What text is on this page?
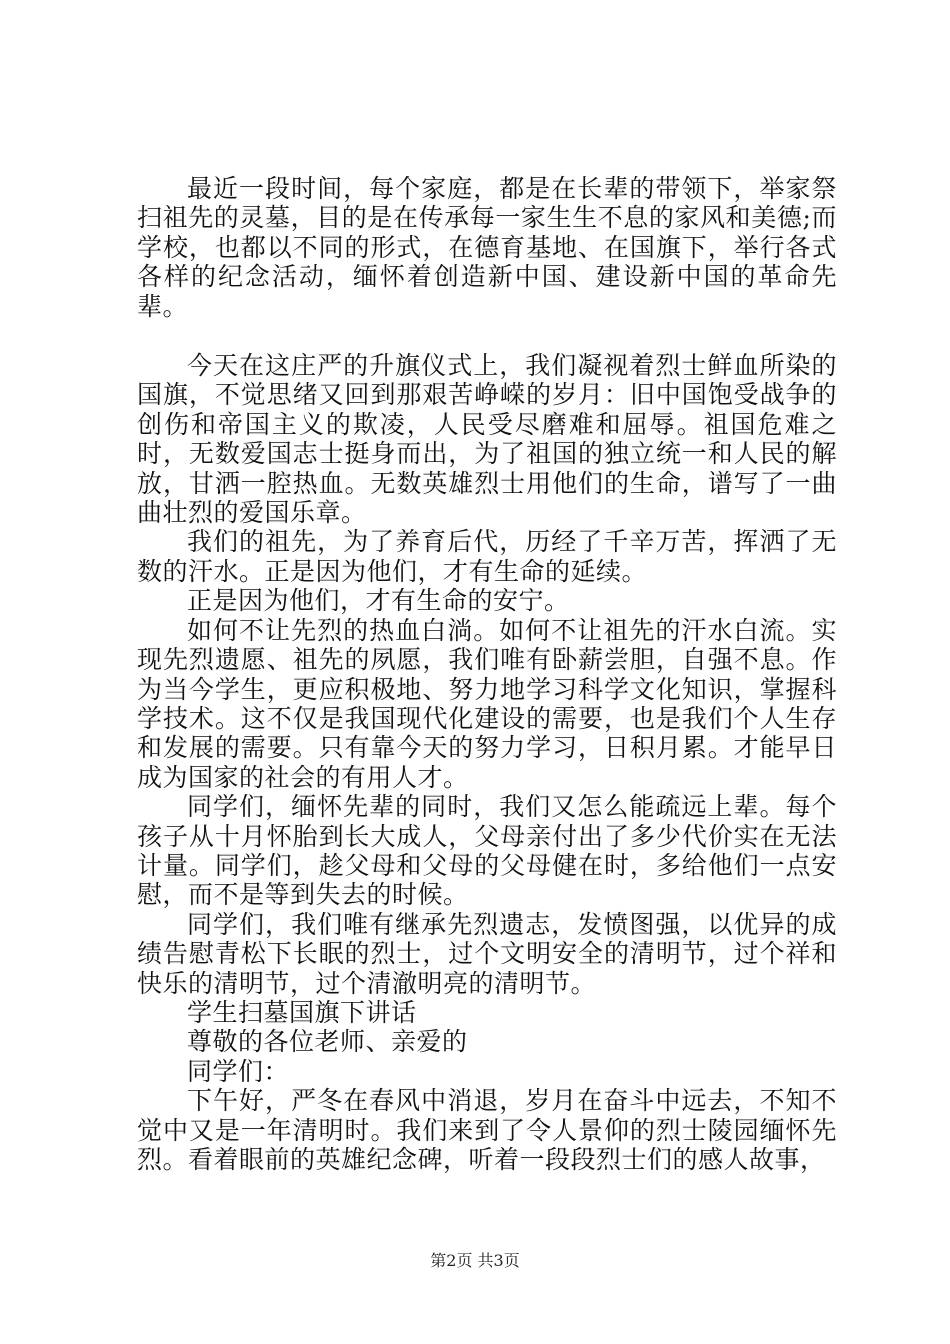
最近一段时间，每个家庭，都是在长辈的带领下，举家祭扫祖先的灵墓，目的是在传承每一家生生不息的家风和美德;而学校，也都以不同的形式，在德育基地、在国旗下，举行各式各样的纪念活动，缅怀着创造新中国、建设新中国的革命先辈。

今天在这庄严的升旗仪式上，我们凝视着烈士鲜血所染的国旗，不觉思绪又回到那艰苦峥嵘的岁月：旧中国饱受战争的创伤和帝国主义的欺凌，人民受尽磨难和屈辱。祖国危难之时，无数爱国志士挺身而出，为了祖国的独立统一和人民的解放，甘洒一腔热血。无数英雄烈士用他们的生命，谱写了一曲曲壮烈的爱国乐章。

我们的祖先，为了养育后代，历经了千辛万苦，挥洒了无数的汗水。正是因为他们，才有生命的延续。

正是因为他们，才有生命的安宁。

如何不让先烈的热血白淌。如何不让祖先的汗水白流。实现先烈遗愿、祖先的夙愿，我们唯有卧薪尝胆，自强不息。作为当今学生，更应积极地、努力地学习科学文化知识，掌握科学技术。这不仅是我国现代化建设的需要，也是我们个人生存和发展的需要。只有靠今天的努力学习，日积月累。才能早日成为国家的社会的有用人才。

同学们，缅怀先辈的同时，我们又怎么能疏远上辈。每个孩子从十月怀胎到长大成人，父母亲付出了多少代价实在无法计量。同学们，趁父母和父母的父母健在时，多给他们一点安慰，而不是等到失去的时候。

同学们，我们唯有继承先烈遗志，发愤图强，以优异的成绩告慰青松下长眠的烈士，过个文明安全的清明节，过个祥和快乐的清明节，过个清澈明亮的清明节。

学生扫墓国旗下讲话

尊敬的各位老师、亲爱的

同学们：

下午好，严冬在春风中消退，岁月在奋斗中远去，不知不觉中又是一年清明时。我们来到了令人景仰的烈士陵园缅怀先烈。看着眼前的英雄纪念碑，听着一段段烈士们的感人故事，

第2页 共3页
